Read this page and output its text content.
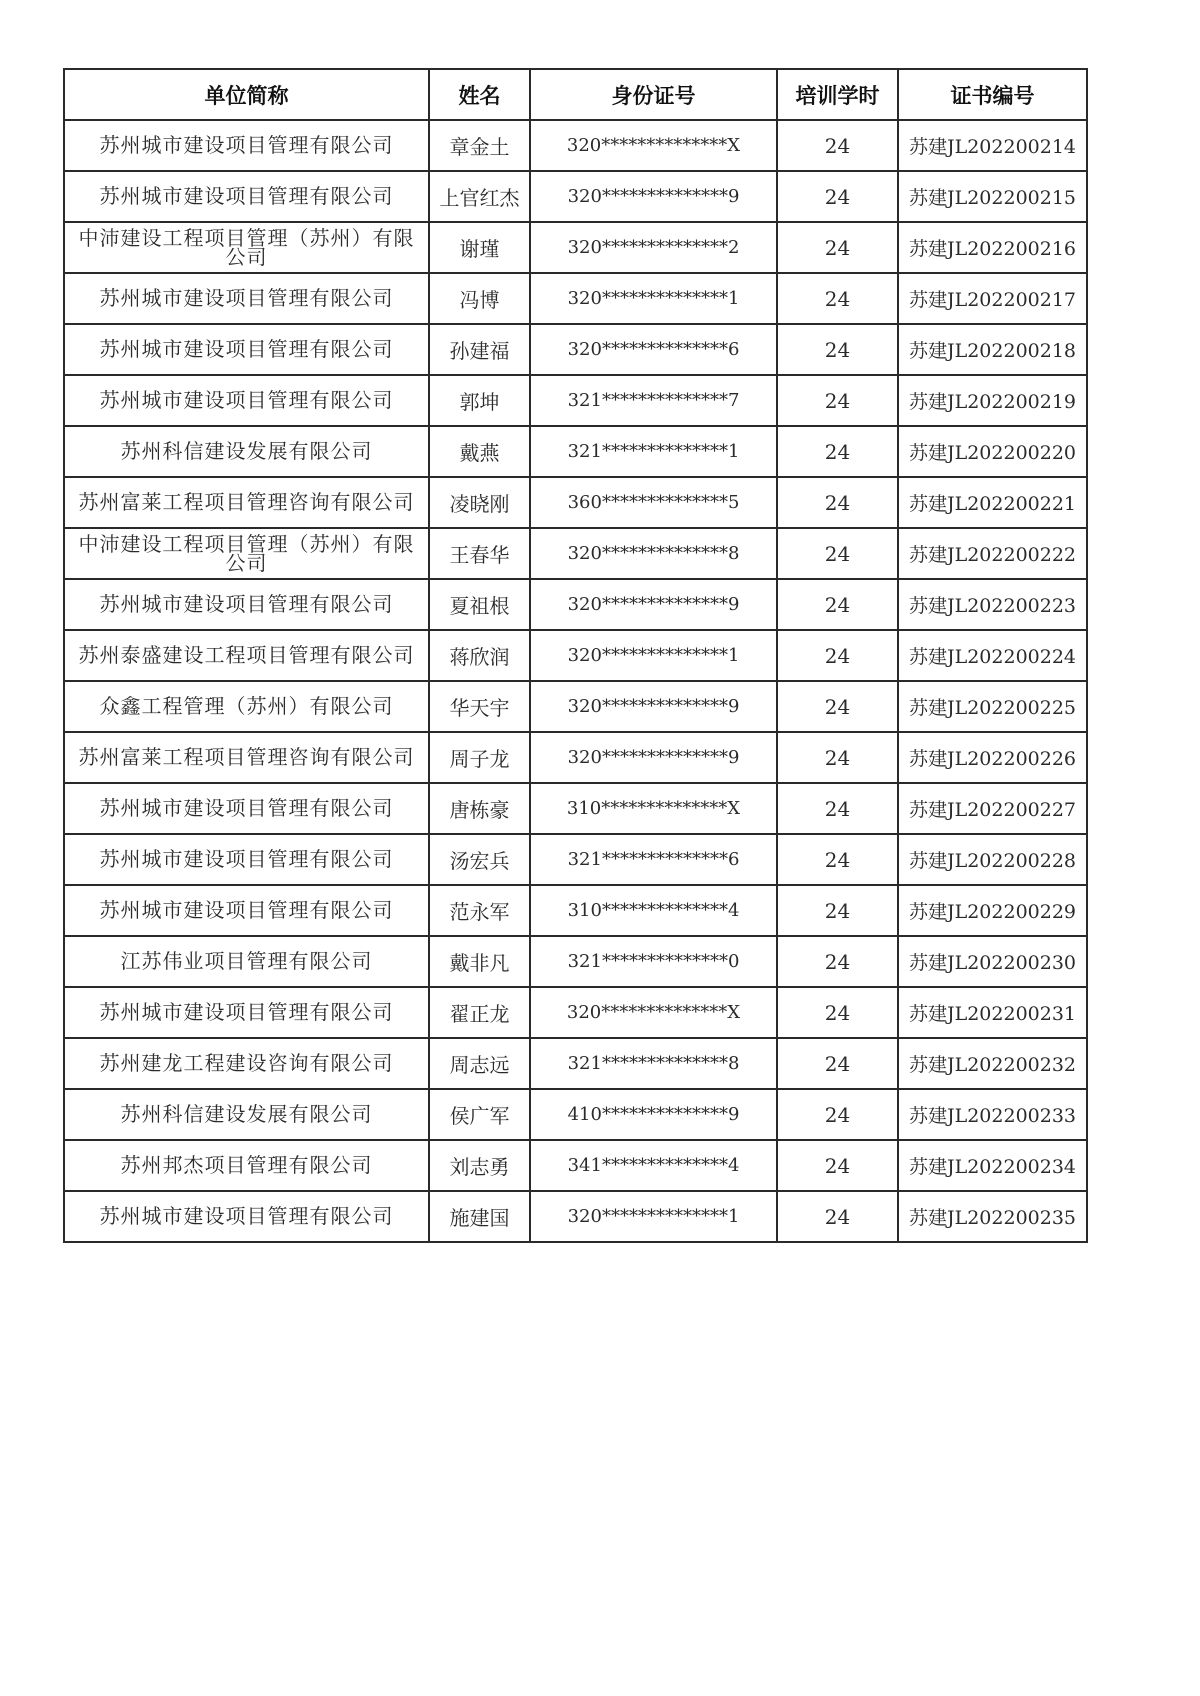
单位简称	姓名	身份证号	培训学时	证书编号
苏州城市建设项目管理有限公司	章金土	320**************X	24	苏建JL202200214
苏州城市建设项目管理有限公司	上官红杰	320**************9	24	苏建JL202200215
中沛建设工程项目管理（苏州）有限公司	谢瑾	320**************2	24	苏建JL202200216
苏州城市建设项目管理有限公司	冯博	320**************1	24	苏建JL202200217
苏州城市建设项目管理有限公司	孙建福	320**************6	24	苏建JL202200218
苏州城市建设项目管理有限公司	郭坤	321**************7	24	苏建JL202200219
苏州科信建设发展有限公司	戴燕	321**************1	24	苏建JL202200220
苏州富莱工程项目管理咨询有限公司	凌晓刚	360**************5	24	苏建JL202200221
中沛建设工程项目管理（苏州）有限公司	王春华	320**************8	24	苏建JL202200222
苏州城市建设项目管理有限公司	夏祖根	320**************9	24	苏建JL202200223
苏州泰盛建设工程项目管理有限公司	蒋欣润	320**************1	24	苏建JL202200224
众鑫工程管理（苏州）有限公司	华天宇	320**************9	24	苏建JL202200225
苏州富莱工程项目管理咨询有限公司	周子龙	320**************9	24	苏建JL202200226
苏州城市建设项目管理有限公司	唐栋豪	310**************X	24	苏建JL202200227
苏州城市建设项目管理有限公司	汤宏兵	321**************6	24	苏建JL202200228
苏州城市建设项目管理有限公司	范永军	310**************4	24	苏建JL202200229
江苏伟业项目管理有限公司	戴非凡	321**************0	24	苏建JL202200230
苏州城市建设项目管理有限公司	翟正龙	320**************X	24	苏建JL202200231
苏州建龙工程建设咨询有限公司	周志远	321**************8	24	苏建JL202200232
苏州科信建设发展有限公司	侯广军	410**************9	24	苏建JL202200233
苏州邦杰项目管理有限公司	刘志勇	341**************4	24	苏建JL202200234
苏州城市建设项目管理有限公司	施建国	320**************1	24	苏建JL202200235
